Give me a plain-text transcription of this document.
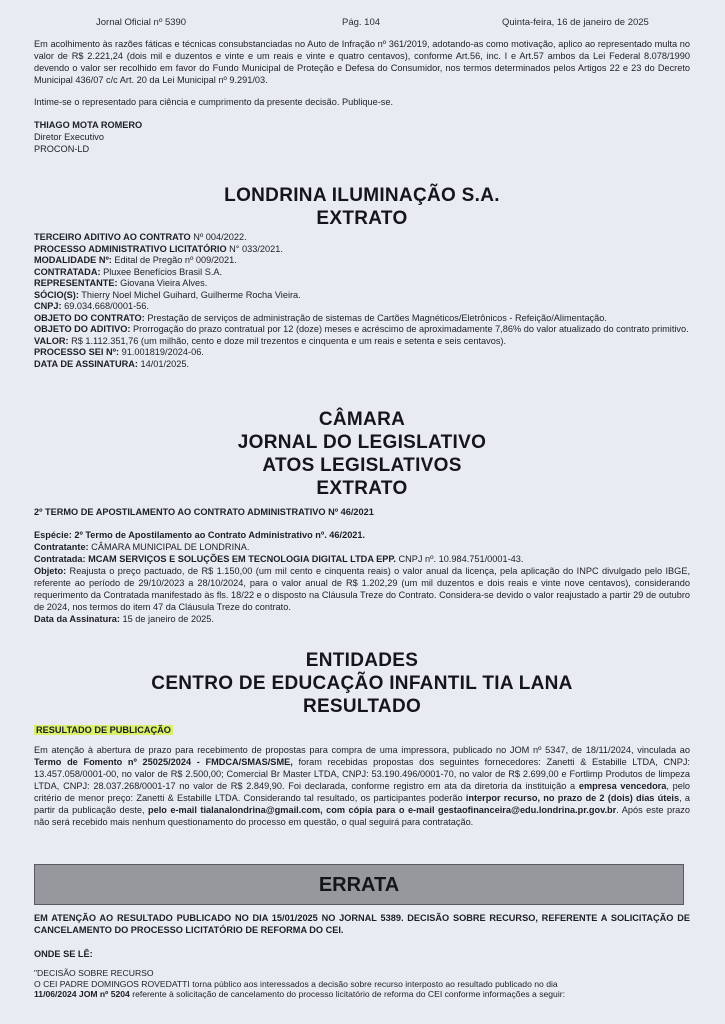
Jornal Oficial nº 5390	Pág. 104	Quinta-feira, 16 de janeiro de 2025

Em acolhimento às razões fáticas e técnicas consubstanciadas no Auto de Infração nº 361/2019, adotando-as como motivação, aplico ao representado multa no valor de R$ 2.221,24 (dois mil e duzentos e vinte e um reais e vinte e quatro centavos), conforme Art.56, inc. I e Art.57 ambos da Lei Federal 8.078/1990 devendo o valor ser recolhido em favor do Fundo Municipal de Proteção e Defesa do Consumidor, nos termos determinados pelos Artigos 22 e 23 do Decreto Municipal 436/07 c/c Art. 20 da Lei Municipal nº 9.291/03.

Intime-se o representado para ciência e cumprimento da presente decisão. Publique-se.

THIAGO MOTA ROMERO

Diretor Executivo

PROCON-LD

LONDRINA ILUMINAÇÃO S.A.
EXTRATO

TERCEIRO ADITIVO AO CONTRATO Nº 004/2022.

PROCESSO ADMINISTRATIVO LICITATÓRIO N° 033/2021.

MODALIDADE Nº: Edital de Pregão nº 009/2021.

CONTRATADA: Pluxee Benefícios Brasil S.A.

REPRESENTANTE: Giovana Vieira Alves.

SÓCIO(S): Thierry Noel Michel Guihard, Guilherme Rocha Vieira.

CNPJ: 69.034.668/0001-56.

OBJETO DO CONTRATO: Prestação de serviços de administração de sistemas de Cartões Magnéticos/Eletrônicos - Refeição/Alimentação.

OBJETO DO ADITIVO: Prorrogação do prazo contratual por 12 (doze) meses e acréscimo de aproximadamente 7,86% do valor atualizado do contrato primitivo.

VALOR: R$ 1.112.351,76 (um milhão, cento e doze mil trezentos e cinquenta e um reais e setenta e seis centavos).

PROCESSO SEI Nº: 91.001819/2024-06.

DATA DE ASSINATURA: 14/01/2025.

CÂMARA
JORNAL DO LEGISLATIVO
ATOS LEGISLATIVOS
EXTRATO

2º TERMO DE APOSTILAMENTO AO CONTRATO ADMINISTRATIVO Nº 46/2021

Espécie: 2º Termo de Apostilamento ao Contrato Administrativo nº. 46/2021.

Contratante: CÂMARA MUNICIPAL DE LONDRINA.

Contratada: MCAM SERVIÇOS E SOLUÇÕES EM TECNOLOGIA DIGITAL LTDA EPP. CNPJ nº. 10.984.751/0001-43.

Objeto: Reajusta o preço pactuado, de R$ 1.150,00 (um mil cento e cinquenta reais) o valor anual da licença, pela aplicação do INPC divulgado pelo IBGE, referente ao período de 29/10/2023 a 28/10/2024, para o valor anual de R$ 1.202,29 (um mil duzentos e dois reais e vinte nove centavos), considerando requerimento da Contratada manifestado às fls. 18/22 e o disposto na Cláusula Treze do Contrato. Considera-se devido o valor reajustado a partir 29 de outubro de 2024, nos termos do item 47 da Cláusula Treze do contrato.

Data da Assinatura: 15 de janeiro de 2025.

ENTIDADES
CENTRO DE EDUCAÇÃO INFANTIL TIA LANA
RESULTADO
RESULTADO DE PUBLICAÇÃO

Em atenção à abertura de prazo para recebimento de propostas para compra de uma impressora, publicado no JOM nº 5347, de 18/11/2024, vinculada ao Termo de Fomento nº 25025/2024 - FMDCA/SMAS/SME, foram recebidas propostas dos seguintes fornecedores: Zanetti & Estabille LTDA, CNPJ: 13.457.058/0001-00, no valor de R$ 2.500,00; Comercial Br Master LTDA, CNPJ: 53.190.496/0001-70, no valor de R$ 2.699,00 e Fortlimp Produtos de limpeza LTDA, CNPJ: 28.037.268/0001-17 no valor de R$ 2.849,90. Foi declarada, conforme registro em ata da diretoria da instituição a empresa vencedora, pelo critério de menor preço: Zanetti & Estabille LTDA. Considerando tal resultado, os participantes poderão interpor recurso, no prazo de 2 (dois) dias úteis, a partir da publicação deste, pelo e-mail tialanalondrina@gmail.com, com cópia para o e-mail gestaofinanceira@edu.londrina.pr.gov.br. Após este prazo não será recebido mais nenhum questionamento do processo em questão, o qual seguirá para contratação.

ERRATA
EM ATENÇÃO AO RESULTADO PUBLICADO NO DIA 15/01/2025 NO JORNAL 5389. DECISÃO SOBRE RECURSO, REFERENTE A SOLICITAÇÃO DE CANCELAMENTO DO PROCESSO LICITATÓRIO DE REFORMA DO CEI.
ONDE SE LÊ:

"DECISÃO SOBRE RECURSO

O CEI PADRE DOMINGOS ROVEDATTI torna público aos interessados a decisão sobre recurso interposto ao resultado publicado no dia

11/06/2024 JOM nº 5204 referente à solicitação de cancelamento do processo licitatório de reforma do CEI conforme informações a seguir:
